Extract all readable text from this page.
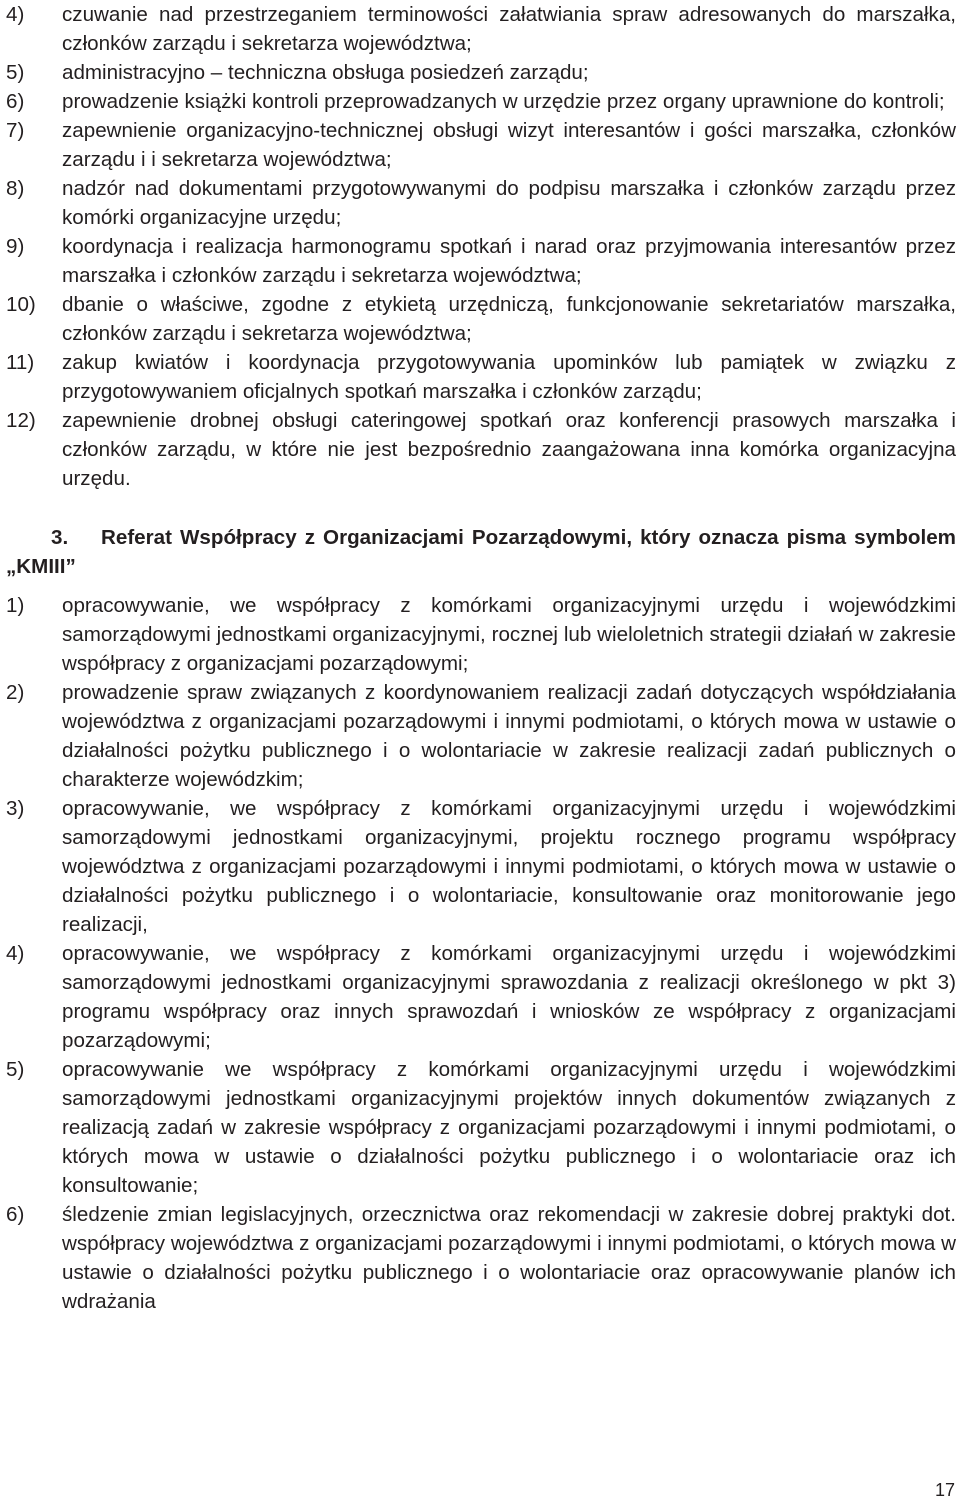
4)	czuwanie nad przestrzeganiem terminowości załatwiania spraw adresowanych do marszałka, członków zarządu i sekretarza województwa;
5)	administracyjno – techniczna obsługa posiedzeń zarządu;
6)	prowadzenie książki kontroli przeprowadzanych w urzędzie przez organy uprawnione do kontroli;
7)	zapewnienie organizacyjno-technicznej obsługi wizyt interesantów i gości marszałka, członków zarządu i i sekretarza województwa;
8)	nadzór nad dokumentami przygotowywanymi do podpisu marszałka i członków zarządu przez komórki organizacyjne urzędu;
9)	koordynacja i realizacja harmonogramu spotkań i narad oraz przyjmowania interesantów przez marszałka i członków zarządu i sekretarza województwa;
10)	dbanie o właściwe, zgodne z etykietą urzędniczą, funkcjonowanie sekretariatów marszałka, członków zarządu i sekretarza województwa;
11)	zakup kwiatów i koordynacja przygotowywania upominków lub pamiątek w związku z przygotowywaniem oficjalnych spotkań marszałka i członków zarządu;
12)	zapewnienie drobnej obsługi cateringowej spotkań oraz konferencji prasowych marszałka i członków zarządu, w które nie jest bezpośrednio zaangażowana inna komórka organizacyjna urzędu.
3. Referat Współpracy z Organizacjami Pozarządowymi, który oznacza pisma symbolem „KMIII”
1)	opracowywanie, we współpracy z komórkami organizacyjnymi urzędu i wojewódzkimi samorządowymi jednostkami organizacyjnymi, rocznej lub wieloletnich strategii działań w zakresie współpracy z organizacjami pozarządowymi;
2)	prowadzenie spraw związanych z koordynowaniem realizacji zadań dotyczących współdziałania województwa z organizacjami pozarządowymi i innymi podmiotami, o których mowa w ustawie o działalności pożytku publicznego i o wolontariacie w zakresie realizacji zadań publicznych o charakterze wojewódzkim;
3)	opracowywanie, we współpracy z komórkami organizacyjnymi urzędu i wojewódzkimi samorządowymi jednostkami organizacyjnymi, projektu rocznego programu współpracy województwa z organizacjami pozarządowymi i innymi podmiotami, o których mowa w ustawie o działalności pożytku publicznego i o wolontariacie, konsultowanie oraz monitorowanie jego realizacji,
4)	opracowywanie, we współpracy z komórkami organizacyjnymi urzędu i wojewódzkimi samorządowymi jednostkami organizacyjnymi sprawozdania z realizacji określonego w pkt 3) programu współpracy oraz innych sprawozdań i wniosków ze współpracy z organizacjami pozarządowymi;
5)	opracowywanie we współpracy z komórkami organizacyjnymi urzędu i wojewódzkimi samorządowymi jednostkami organizacyjnymi projektów innych dokumentów związanych z realizacją zadań w zakresie współpracy z organizacjami pozarządowymi i innymi podmiotami, o których mowa w ustawie o działalności pożytku publicznego i o wolontariacie oraz ich konsultowanie;
6)	śledzenie zmian legislacyjnych, orzecznictwa oraz rekomendacji w zakresie dobrej praktyki dot. współpracy województwa z organizacjami pozarządowymi i innymi podmiotami, o których mowa w ustawie o działalności pożytku publicznego i o wolontariacie oraz opracowywanie planów ich wdrażania
17
